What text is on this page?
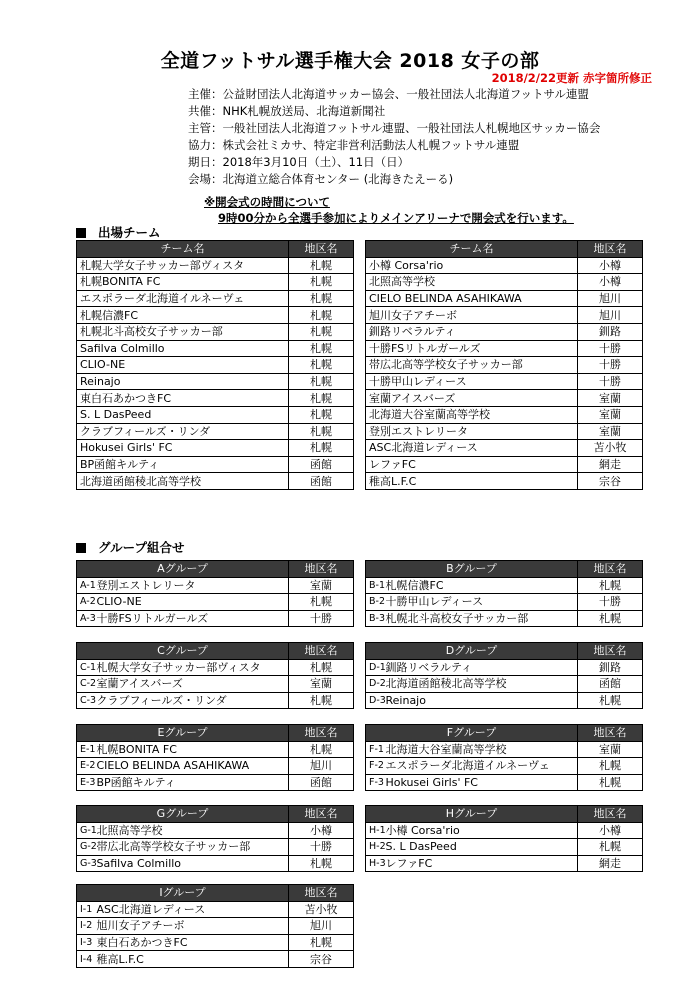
全道フットサル選手権大会 2018 女子の部
2018/2/22更新 赤字箇所修正
主催：公益財団法人北海道サッカー協会、一般社団法人北海道フットサル連盟
共催：NHK札幌放送局、北海道新聞社
主管：一般社団法人北海道フットサル連盟、一般社団法人札幌地区サッカー協会
協力：株式会社ミカサ、特定非営利活動法人札幌フットサル連盟
期日：2018年3月10日（土）、11日（日）
会場：北海道立総合体育センター (北海きたえーる)
※開会式の時間について
9時00分から全選手参加によりメインアリーナで開会式を行います。
出場チーム
チーム名	地区名
札幌大学女子サッカー部ヴィスタ	札幌
札幌BONITA FC	札幌
エスポラーダ北海道イルネーヴェ	札幌
札幌信濃FC	札幌
札幌北斗高校女子サッカー部	札幌
Safilva Colmillo	札幌
CLIO-NE	札幌
Reinajo	札幌
東白石あかつきFC	札幌
S. L DasPeed	札幌
クラブフィールズ・リンダ	札幌
Hokusei Girls' FC	札幌
BP函館キルティ	函館
北海道函館稜北高等学校	函館
チーム名	地区名
小樽 Corsa'rio	小樽
北照高等学校	小樽
CIELO BELINDA ASAHIKAWA	旭川
旭川女子アチーボ	旭川
釧路リベラルティ	釧路
十勝FSリトルガールズ	十勝
帯広北高等学校女子サッカー部	十勝
十勝甲山レディース	十勝
室蘭アイスバーズ	室蘭
北海道大谷室蘭高等学校	室蘭
登別エストレリータ	室蘭
ASC北海道レディース	苫小牧
レファFC	網走
稚高L.F.C	宗谷
グループ組合せ
Aグループ		地区名
A-1	登別エストレリータ	室蘭
A-2	CLIO-NE	札幌
A-3	十勝FSリトルガールズ	十勝
Bグループ		地区名
B-1	札幌信濃FC	札幌
B-2	十勝甲山レディース	十勝
B-3	札幌北斗高校女子サッカー部	札幌
Cグループ		地区名
C-1	札幌大学女子サッカー部ヴィスタ	札幌
C-2	室蘭アイスバーズ	室蘭
C-3	クラブフィールズ・リンダ	札幌
Dグループ		地区名
D-1	釧路リベラルティ	釧路
D-2	北海道函館稜北高等学校	函館
D-3	Reinajo	札幌
Eグループ		地区名
E-1	札幌BONITA FC	札幌
E-2	CIELO BELINDA ASAHIKAWA	旭川
E-3	BP函館キルティ	函館
Fグループ		地区名
F-1	北海道大谷室蘭高等学校	室蘭
F-2	エスポラーダ北海道イルネーヴェ	札幌
F-3	Hokusei Girls' FC	札幌
Gグループ		地区名
G-1	北照高等学校	小樽
G-2	帯広北高等学校女子サッカー部	十勝
G-3	Safilva Colmillo	札幌
Hグループ		地区名
H-1	小樽 Corsa'rio	小樽
H-2	S. L DasPeed	札幌
H-3	レファFC	網走
Iグループ		地区名
I-1	ASC北海道レディース	苫小牧
I-2	旭川女子アチーボ	旭川
I-3	東白石あかつきFC	札幌
I-4	稚高L.F.C	宗谷
